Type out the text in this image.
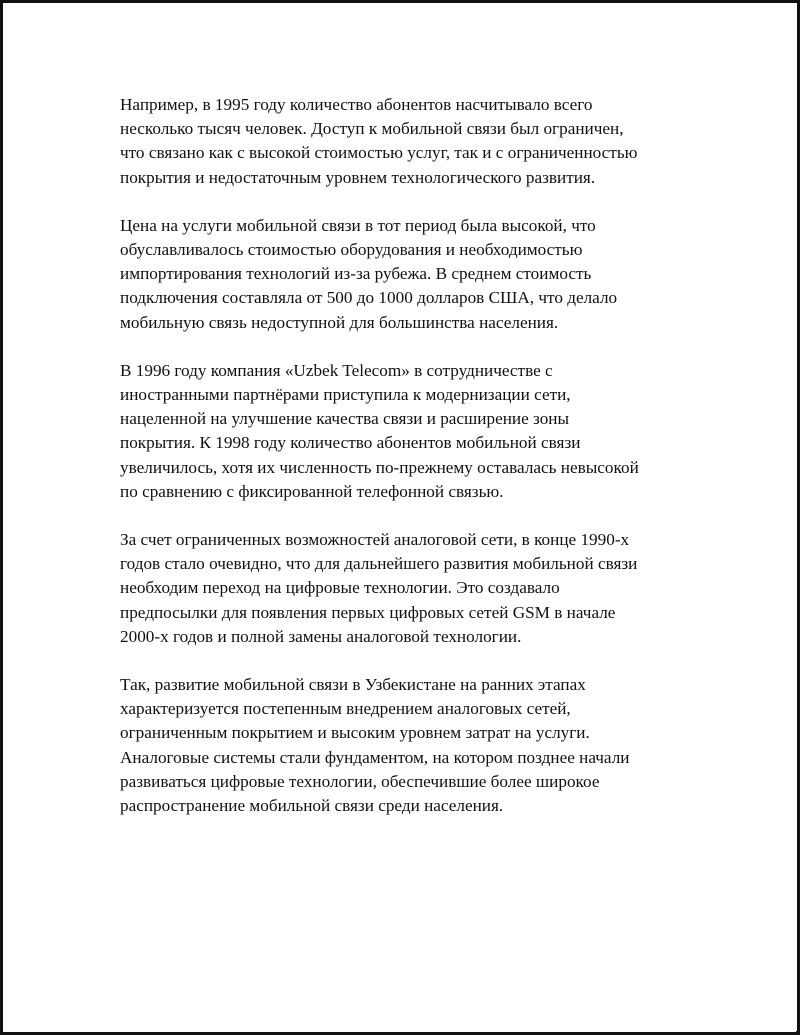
Например, в 1995 году количество абонентов насчитывало всего
несколько тысяч человек. Доступ к мобильной связи был ограничен,
что связано как с высокой стоимостью услуг, так и с ограниченностью
покрытия и недостаточным уровнем технологического развития.

Цена на услуги мобильной связи в тот период была высокой, что
обуславливалось стоимостью оборудования и необходимостью
импортирования технологий из-за рубежа. В среднем стоимость
подключения составляла от 500 до 1000 долларов США, что делало
мобильную связь недоступной для большинства населения.

В 1996 году компания «Uzbek Telecom» в сотрудничестве с
иностранными партнёрами приступила к модернизации сети,
нацеленной на улучшение качества связи и расширение зоны
покрытия. К 1998 году количество абонентов мобильной связи
увеличилось, хотя их численность по-прежнему оставалась невысокой
по сравнению с фиксированной телефонной связью.

За счет ограниченных возможностей аналоговой сети, в конце 1990-х
годов стало очевидно, что для дальнейшего развития мобильной связи
необходим переход на цифровые технологии. Это создавало
предпосылки для появления первых цифровых сетей GSM в начале
2000-х годов и полной замены аналоговой технологии.

Так, развитие мобильной связи в Узбекистане на ранних этапах
характеризуется постепенным внедрением аналоговых сетей,
ограниченным покрытием и высоким уровнем затрат на услуги.
Аналоговые системы стали фундаментом, на котором позднее начали
развиваться цифровые технологии, обеспечившие более широкое
распространение мобильной связи среди населения.
